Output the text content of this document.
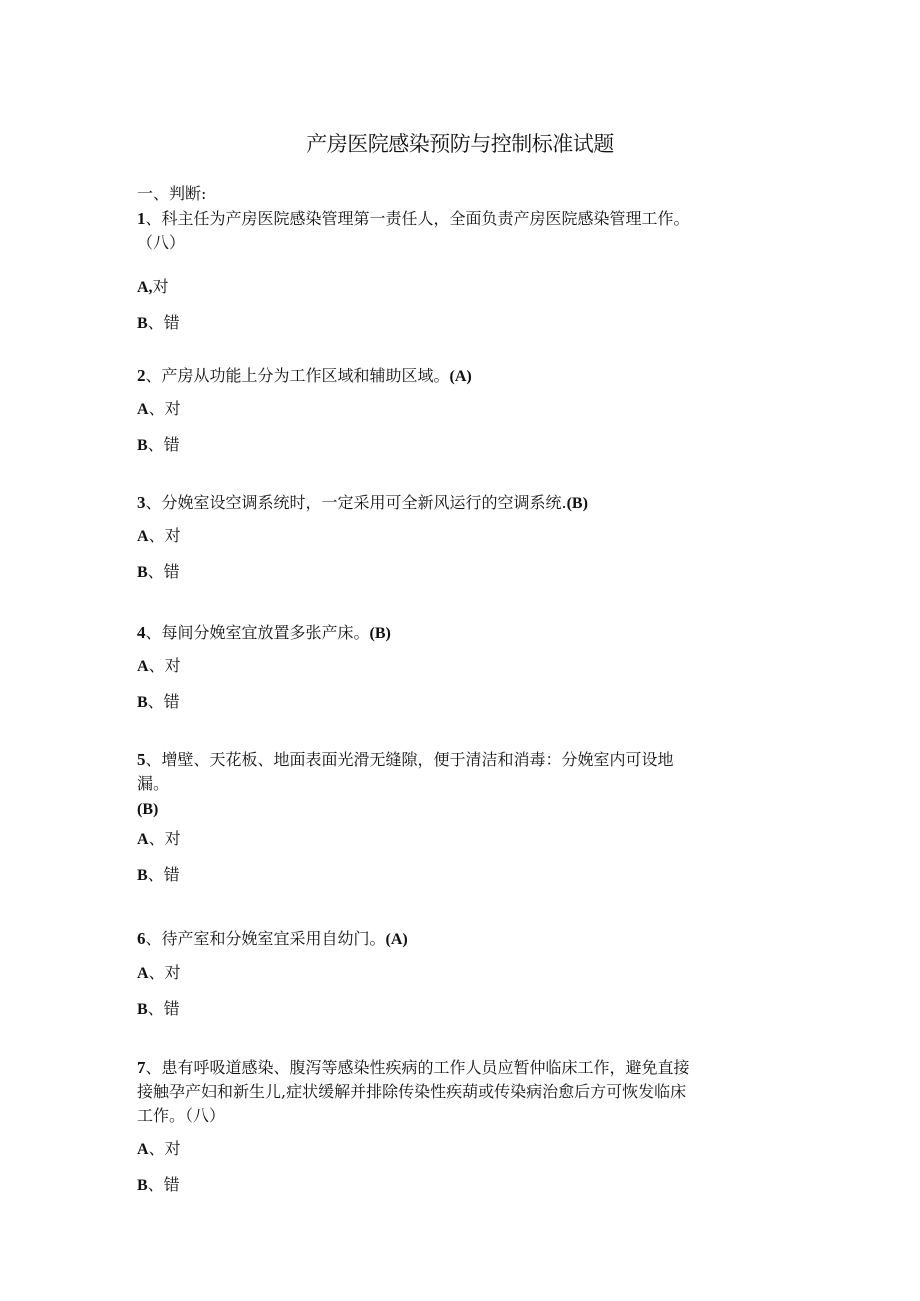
产房医院感染预防与控制标准试题
一、判断:

1、科主任为产房医院感染管理第一责任人，全面负责产房医院感染管理工作。

（八）

A,对

B、错

2、产房从功能上分为工作区域和辅助区域。(A)

A、对

B、错

3、分娩室设空调系统时，一定采用可全新风运行的空调系统.(B)

A、对

B、错

4、每间分娩室宜放置多张产床。(B)

A、对

B、错

5、增壁、天花板、地面表面光滑无缝隙，便于清洁和消毒：分娩室内可设地

漏。

(B)

A、对

B、错

6、待产室和分娩室宜采用自幼门。(A)

A、对

B、错

7、患有呼吸道感染、腹泻等感染性疾病的工作人员应暂仲临床工作，避免直接

接触孕产妇和新生儿,症状缓解并排除传染性疾葫或传染病治愈后方可恢发临床

工作。（八）

A、对

B、错
